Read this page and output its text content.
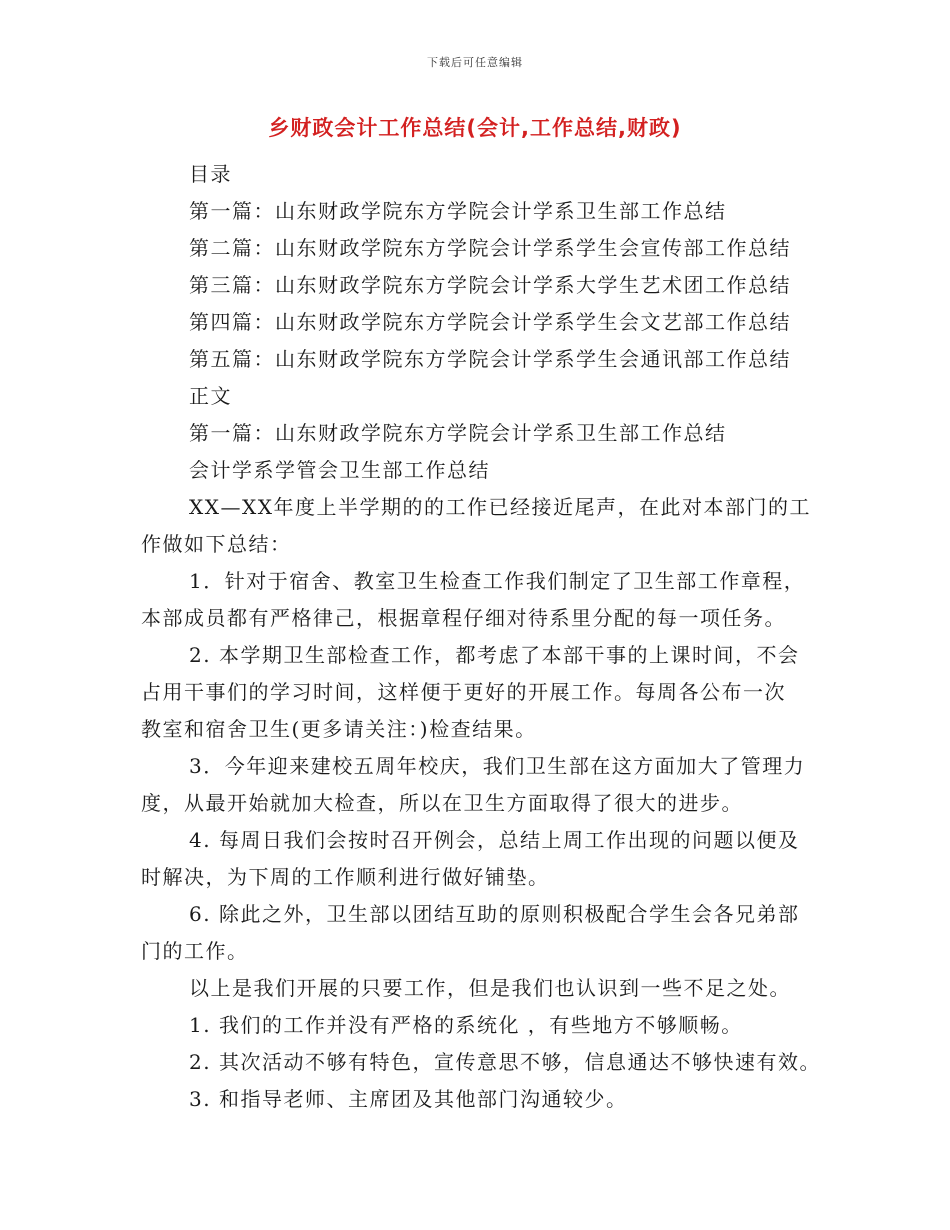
下载后可任意编辑
乡财政会计工作总结(会计,工作总结,财政)
目录
第一篇：山东财政学院东方学院会计学系卫生部工作总结
第二篇：山东财政学院东方学院会计学系学生会宣传部工作总结
第三篇：山东财政学院东方学院会计学系大学生艺术团工作总结
第四篇：山东财政学院东方学院会计学系学生会文艺部工作总结
第五篇：山东财政学院东方学院会计学系学生会通讯部工作总结
正文
第一篇：山东财政学院东方学院会计学系卫生部工作总结
会计学系学管会卫生部工作总结
XX—XX年度上半学期的的工作已经接近尾声，在此对本部门的工
作做如下总结：
1．针对于宿舍、教室卫生检查工作我们制定了卫生部工作章程，
本部成员都有严格律己，根据章程仔细对待系里分配的每一项任务。
2. 本学期卫生部检查工作，都考虑了本部干事的上课时间，不会
占用干事们的学习时间，这样便于更好的开展工作。每周各公布一次
教室和宿舍卫生(更多请关注：)检查结果。
3．今年迎来建校五周年校庆，我们卫生部在这方面加大了管理力
度，从最开始就加大检查，所以在卫生方面取得了很大的进步。
4. 每周日我们会按时召开例会，总结上周工作出现的问题以便及
时解决，为下周的工作顺利进行做好铺垫。
6. 除此之外，卫生部以团结互助的原则积极配合学生会各兄弟部
门的工作。
以上是我们开展的只要工作，但是我们也认识到一些不足之处。
1. 我们的工作并没有严格的系统化 ，有些地方不够顺畅。
2. 其次活动不够有特色，宣传意思不够，信息通达不够快速有效。
3. 和指导老师、主席团及其他部门沟通较少。
